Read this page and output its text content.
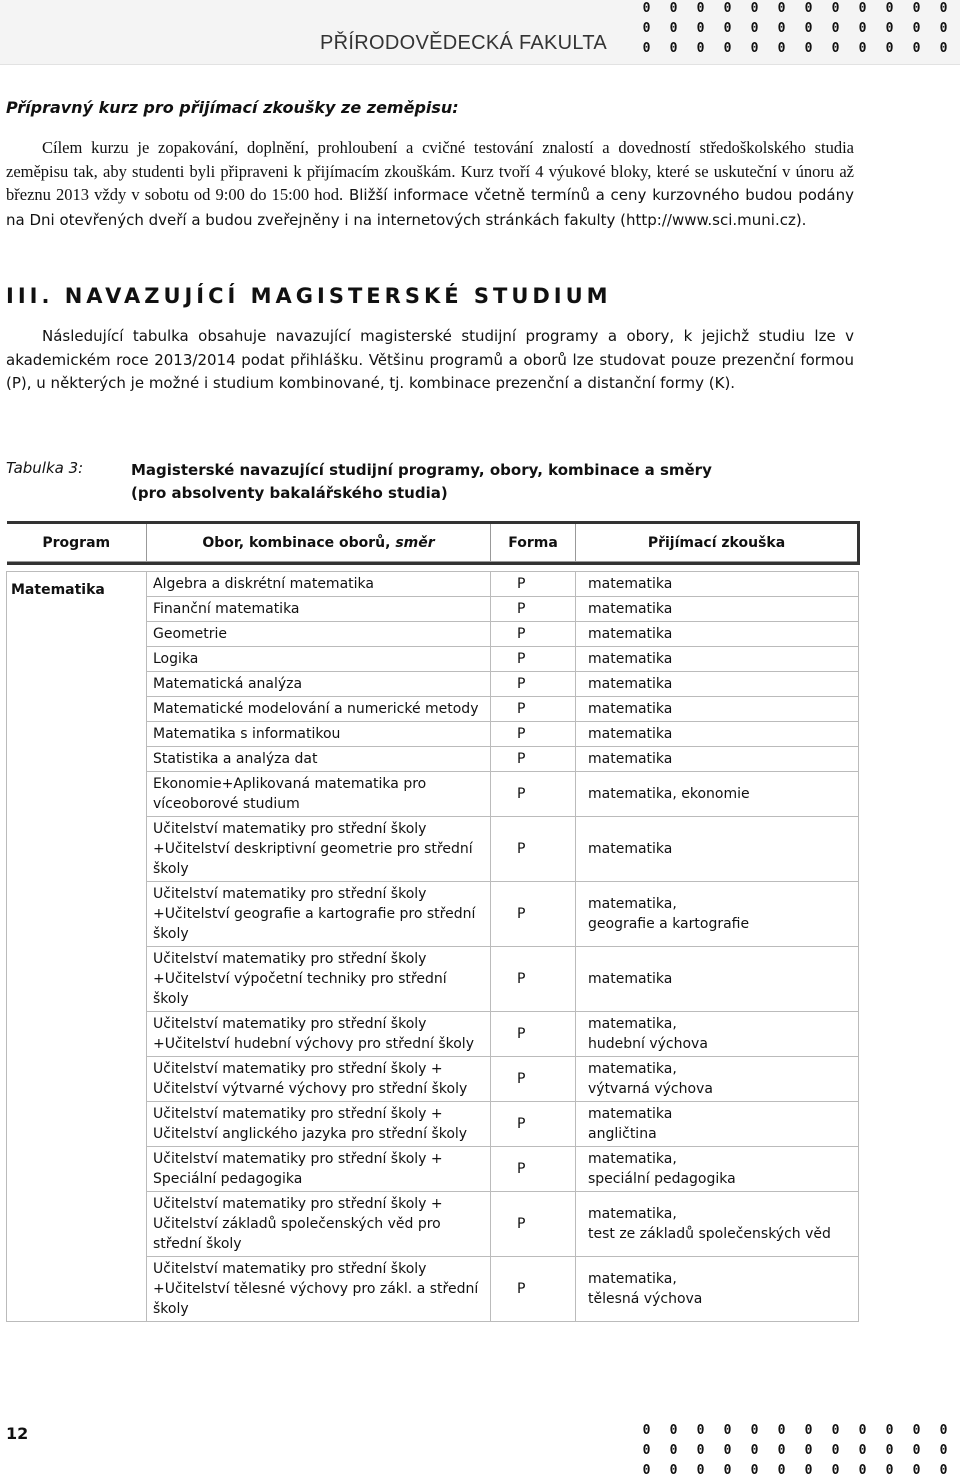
PŘÍRODOVĚDECKÁ FAKULTA
0	0	0	0	0	0	0	0	0	0	0	0
0	0	0	0	0	0	0	0	0	0	0	0
0	0	0	0	0	0	0	0	0	0	0	0
Přípravný kurz pro přijímací zkoušky ze zeměpisu:

Cílem kurzu je zopakování, doplnění, prohloubení a cvičné testování znalostí a dovedností středoškolského studia zeměpisu tak, aby studenti byli připraveni k přijímacím zkouškám. Kurz tvoří 4 výukové bloky, které se uskuteční v únoru až březnu 2013 vždy v sobotu od 9:00 do 15:00 hod. Bližší informace včetně termínů a ceny kurzovného budou podány na Dni otevřených dveří a budou zveřejněny i na internetových stránkách fakulty (http://www.sci.muni.cz).

III. NAVAZUJÍCÍ MAGISTERSKÉ STUDIUM

Následující tabulka obsahuje navazující magisterské studijní programy a obory, k jejichž studiu lze v akademickém roce 2013/2014 podat přihlášku. Většinu programů a oborů lze studovat pouze prezenční formou (P), u některých je možné i studium kombinované, tj. kombinace prezenční a distanční formy (K).

Tabulka 3:	Magisterské navazující studijní programy, obory, kombinace a směry
(pro absolventy bakalářského studia)
Program	Obor, kombinace oborů, směr	Forma	Přijímací zkouška

Matematika	Algebra a diskrétní matematika	P	matematika
	Finanční matematika	P	matematika
	Geometrie	P	matematika
	Logika	P	matematika
	Matematická analýza	P	matematika
	Matematické modelování a numerické metody	P	matematika
	Matematika s informatikou	P	matematika
	Statistika a analýza dat	P	matematika
	Ekonomie+Aplikovaná matematika pro víceoborové studium	P	matematika, ekonomie
	Učitelství matematiky pro střední školy +Učitelství deskriptivní geometrie pro střední školy	P	matematika
	Učitelství matematiky pro střední školy +Učitelství geografie a kartografie pro střední školy	P	matematika,
geografie a kartografie
	Učitelství matematiky pro střední školy +Učitelství výpočetní techniky pro střední školy	P	matematika
	Učitelství matematiky pro střední školy +Učitelství hudební výchovy pro střední školy	P	matematika,
hudební výchova
	Učitelství matematiky pro střední školy + Učitelství výtvarné výchovy pro střední školy	P	matematika,
výtvarná výchova
	Učitelství matematiky pro střední školy + Učitelství anglického jazyka pro střední školy	P	matematika
angličtina
	Učitelství matematiky pro střední školy + Speciální pedagogika	P	matematika,
speciální pedagogika
	Učitelství matematiky pro střední školy + Učitelství základů společenských věd pro střední školy	P	matematika,
test ze základů společenských věd
	Učitelství matematiky pro střední školy +Učitelství tělesné výchovy pro zákl. a střední školy	P	matematika,
tělesná výchova
12	0	0	0	0	0	0	0	0	0	0	0	0
0	0	0	0	0	0	0	0	0	0	0	0
0	0	0	0	0	0	0	0	0	0	0	0
